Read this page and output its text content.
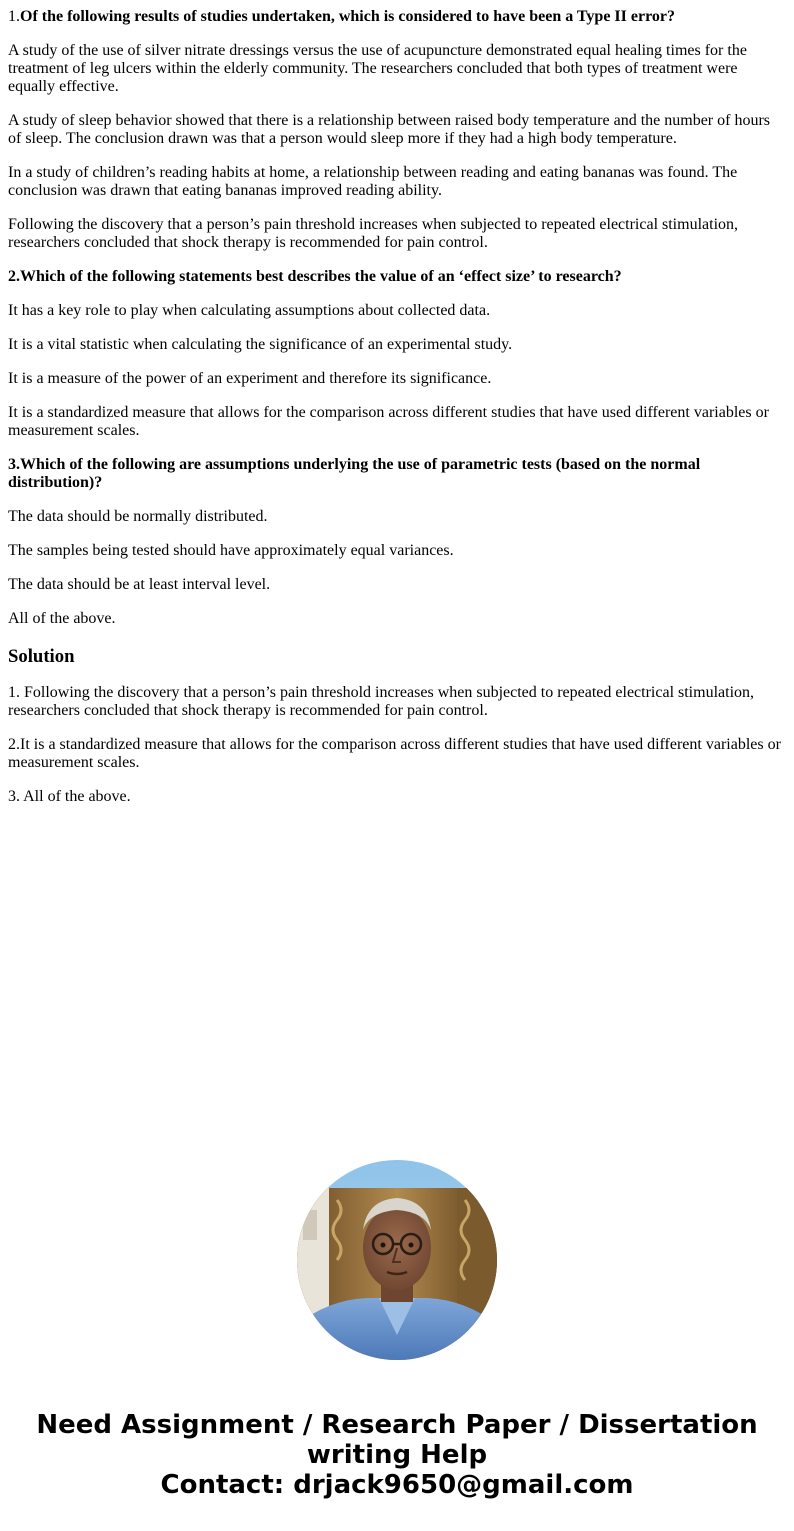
1.Of the following results of studies undertaken, which is considered to have been a Type II error?

A study of the use of silver nitrate dressings versus the use of acupuncture demonstrated equal healing times for the treatment of leg ulcers within the elderly community. The researchers concluded that both types of treatment were equally effective.

A study of sleep behavior showed that there is a relationship between raised body temperature and the number of hours of sleep. The conclusion drawn was that a person would sleep more if they had a high body temperature.

In a study of children’s reading habits at home, a relationship between reading and eating bananas was found. The conclusion was drawn that eating bananas improved reading ability.

Following the discovery that a person’s pain threshold increases when subjected to repeated electrical stimulation, researchers concluded that shock therapy is recommended for pain control.

2.Which of the following statements best describes the value of an ‘effect size’ to research?

It has a key role to play when calculating assumptions about collected data.

It is a vital statistic when calculating the significance of an experimental study.

It is a measure of the power of an experiment and therefore its significance.

It is a standardized measure that allows for the comparison across different studies that have used different variables or measurement scales.

3.Which of the following are assumptions underlying the use of parametric tests (based on the normal distribution)?

The data should be normally distributed.

The samples being tested should have approximately equal variances.

The data should be at least interval level.

All of the above.

Solution

1. Following the discovery that a person’s pain threshold increases when subjected to repeated electrical stimulation, researchers concluded that shock therapy is recommended for pain control.

2.It is a standardized measure that allows for the comparison across different studies that have used different variables or measurement scales.

3. All of the above.

Need Assignment / Research Paper / Dissertation
writing Help
Contact: drjack9650@gmail.com
